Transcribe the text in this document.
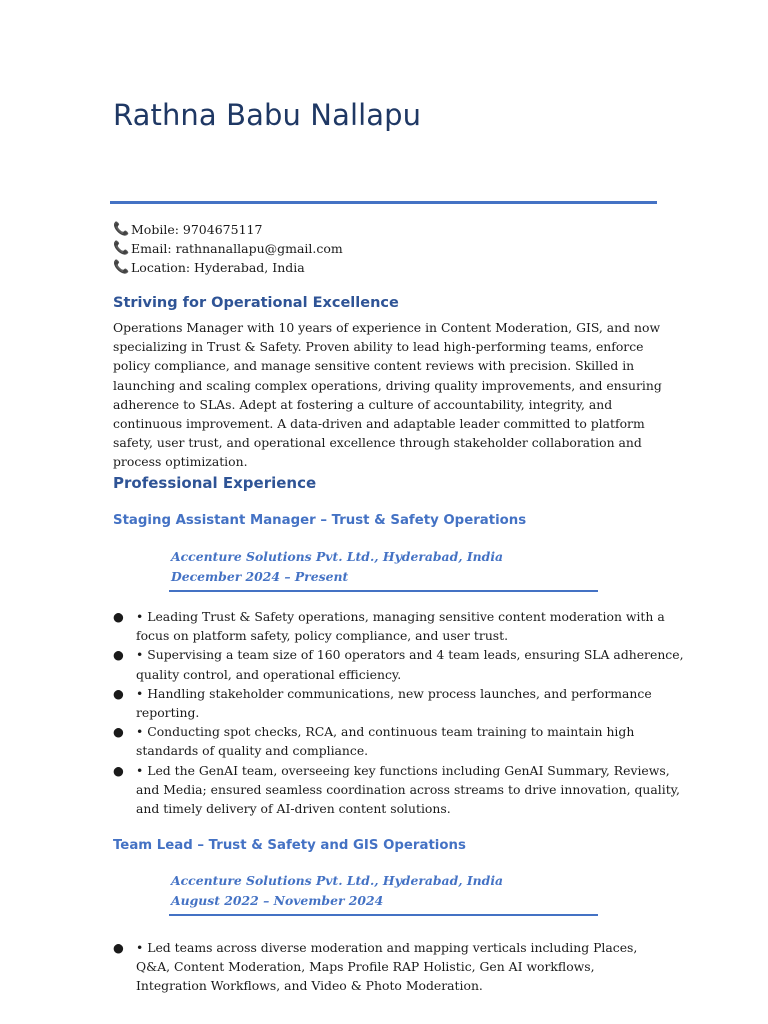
Rathna Babu Nallapu
📞 Mobile: 9704675117
📞 Email: rathnanallapu@gmail.com
📞 Location: Hyderabad, India
Striving for Operational Excellence

Operations Manager with 10 years of experience in Content Moderation, GIS, and now specializing in Trust & Safety. Proven ability to lead high-performing teams, enforce policy compliance, and manage sensitive content reviews with precision. Skilled in launching and scaling complex operations, driving quality improvements, and ensuring adherence to SLAs. Adept at fostering a culture of accountability, integrity, and continuous improvement. A data-driven and adaptable leader committed to platform safety, user trust, and operational excellence through stakeholder collaboration and process optimization.

Professional Experience
Staging Assistant Manager – Trust & Safety Operations
Accenture Solutions Pvt. Ltd., Hyderabad, India
December 2024 – Present
● • Leading Trust & Safety operations, managing sensitive content moderation with a focus on platform safety, policy compliance, and user trust.
● • Supervising a team size of 160 operators and 4 team leads, ensuring SLA adherence, quality control, and operational efficiency.
● • Handling stakeholder communications, new process launches, and performance reporting.
● • Conducting spot checks, RCA, and continuous team training to maintain high standards of quality and compliance.
● • Led the GenAI team, overseeing key functions including GenAI Summary, Reviews, and Media; ensured seamless coordination across streams to drive innovation, quality, and timely delivery of AI-driven content solutions.
Team Lead – Trust & Safety and GIS Operations
Accenture Solutions Pvt. Ltd., Hyderabad, India
August 2022 – November 2024
● • Led teams across diverse moderation and mapping verticals including Places, Q&A, Content Moderation, Maps Profile RAP Holistic, Gen AI workflows, Integration Workflows, and Video & Photo Moderation.
